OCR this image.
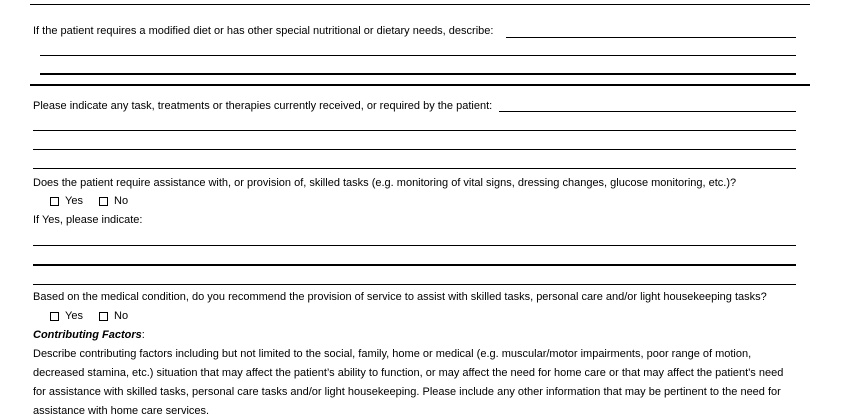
If the patient requires a modified diet or has other special nutritional or dietary needs, describe:
Please indicate any task, treatments or therapies currently received, or required by the patient:
Does the patient require assistance with, or provision of, skilled tasks (e.g. monitoring of vital signs, dressing changes, glucose monitoring, etc.)?
Yes	No
If Yes, please indicate:
Based on the medical condition, do you recommend the provision of service to assist with skilled tasks, personal care and/or light housekeeping tasks?
Yes	No
Contributing Factors:
Describe contributing factors including but not limited to the social, family, home or medical (e.g. muscular/motor impairments, poor range of motion,
decreased stamina, etc.) situation that may affect the patient’s ability to function, or may affect the need for home care or that may affect the patient's need
for assistance with skilled tasks, personal care tasks and/or light housekeeping. Please include any other information that may be pertinent to the need for
assistance with home care services.
